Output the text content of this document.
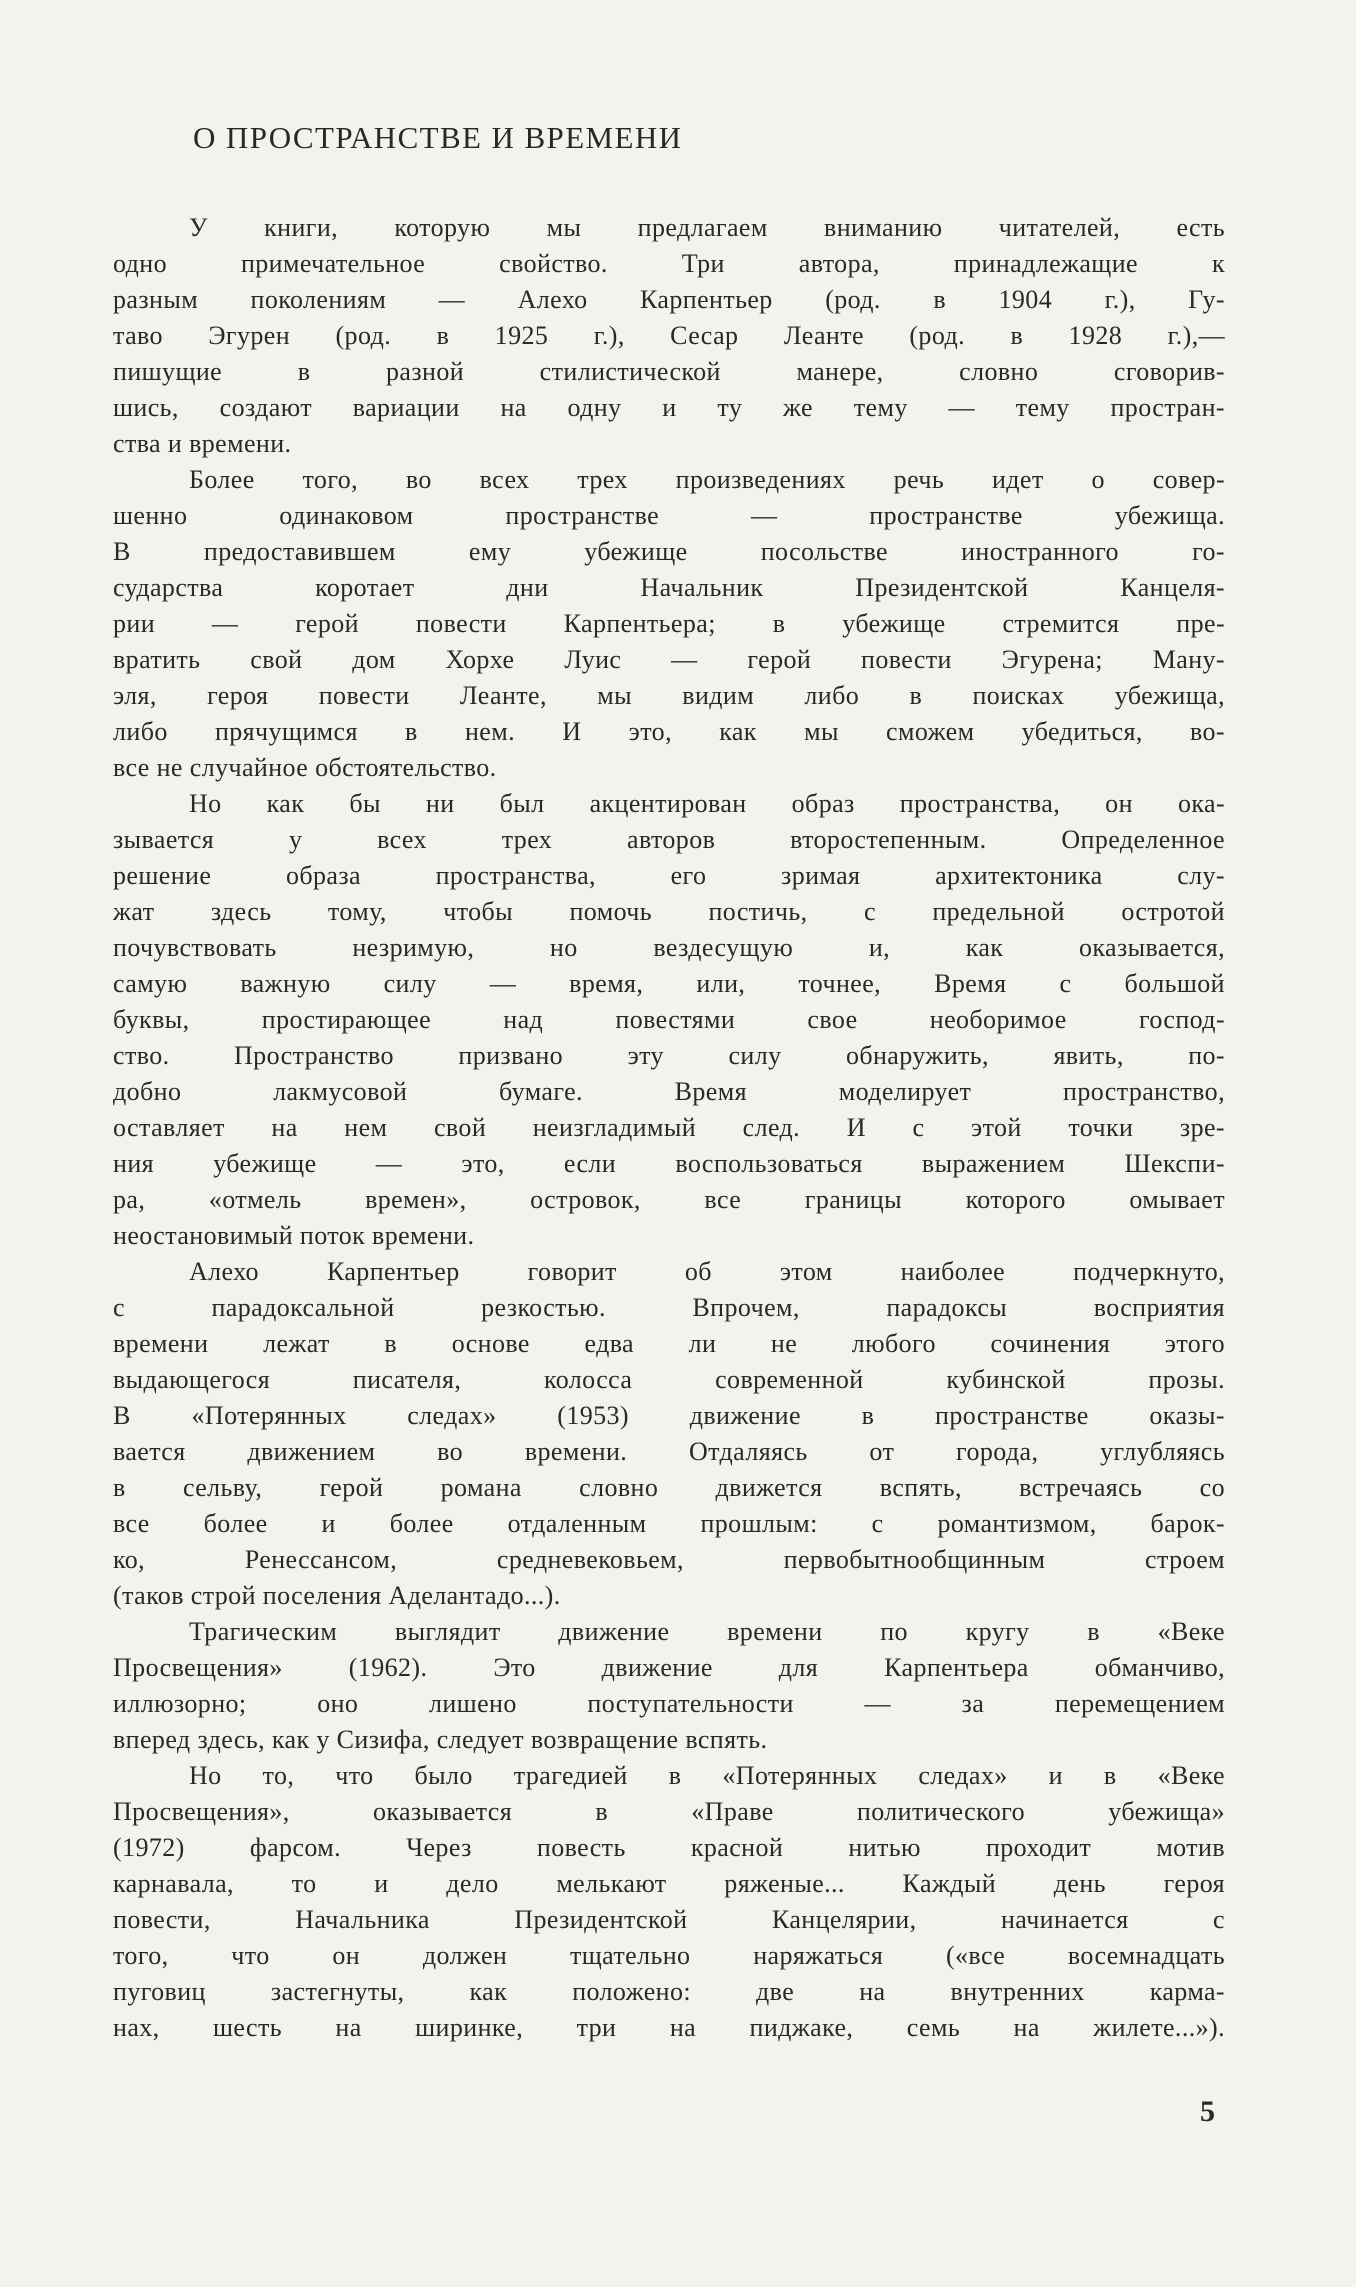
О ПРОСТРАНСТВЕ И ВРЕМЕНИ
У книги, которую мы предлагаем вниманию читателей, есть
одно примечательное свойство. Три автора, принадлежащие к
разным поколениям — Алехо Карпентьер (род. в 1904 г.), Гу-
таво Эгурен (род. в 1925 г.), Сесар Леанте (род. в 1928 г.),—
пишущие в разной стилистической манере, словно сговорив-
шись, создают вариации на одну и ту же тему — тему простран-
ства и времени.
Более того, во всех трех произведениях речь идет о совер-
шенно одинаковом пространстве — пространстве убежища.
В предоставившем ему убежище посольстве иностранного го-
сударства коротает дни Начальник Президентской Канцеля-
рии — герой повести Карпентьера; в убежище стремится пре-
вратить свой дом Хорхе Луис — герой повести Эгурена; Ману-
эля, героя повести Леанте, мы видим либо в поисках убежища,
либо прячущимся в нем. И это, как мы сможем убедиться, во-
все не случайное обстоятельство.
Но как бы ни был акцентирован образ пространства, он ока-
зывается у всех трех авторов второстепенным. Определенное
решение образа пространства, его зримая архитектоника слу-
жат здесь тому, чтобы помочь постичь, с предельной остротой
почувствовать незримую, но вездесущую и, как оказывается,
самую важную силу — время, или, точнее, Время с большой
буквы, простирающее над повестями свое необоримое господ-
ство. Пространство призвано эту силу обнаружить, явить, по-
добно лакмусовой бумаге. Время моделирует пространство,
оставляет на нем свой неизгладимый след. И с этой точки зре-
ния убежище — это, если воспользоваться выражением Шекспи-
ра, «отмель времен», островок, все границы которого омывает
неостановимый поток времени.
Алехо Карпентьер говорит об этом наиболее подчеркнуто,
с парадоксальной резкостью. Впрочем, парадоксы восприятия
времени лежат в основе едва ли не любого сочинения этого
выдающегося писателя, колосса современной кубинской прозы.
В «Потерянных следах» (1953) движение в пространстве оказы-
вается движением во времени. Отдаляясь от города, углубляясь
в сельву, герой романа словно движется вспять, встречаясь со
все более и более отдаленным прошлым: с романтизмом, барок-
ко, Ренессансом, средневековьем, первобытнообщинным строем
(таков строй поселения Аделантадо...).
Трагическим выглядит движение времени по кругу в «Веке
Просвещения» (1962). Это движение для Карпентьера обманчиво,
иллюзорно; оно лишено поступательности — за перемещением
вперед здесь, как у Сизифа, следует возвращение вспять.
Но то, что было трагедией в «Потерянных следах» и в «Веке
Просвещения», оказывается в «Праве политического убежища»
(1972) фарсом. Через повесть красной нитью проходит мотив
карнавала, то и дело мелькают ряженые... Каждый день героя
повести, Начальника Президентской Канцелярии, начинается с
того, что он должен тщательно наряжаться («все восемнадцать
пуговиц застегнуты, как положено: две на внутренних карма-
нах, шесть на ширинке, три на пиджаке, семь на жилете...»).
5
